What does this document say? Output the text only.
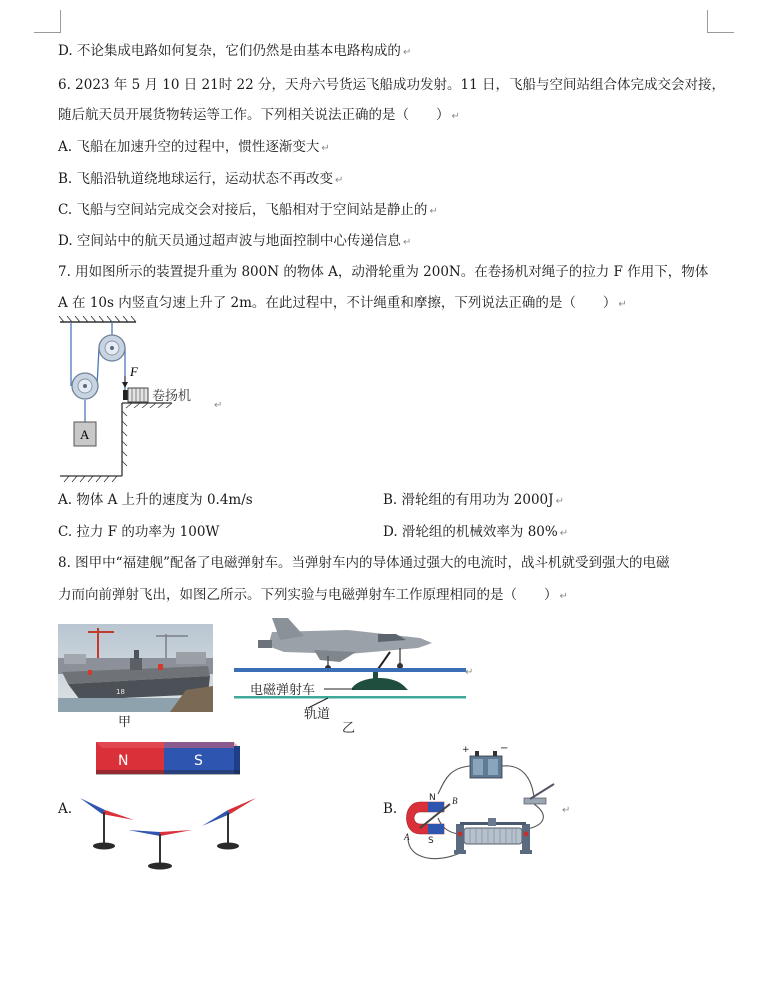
D. 不论集成电路如何复杂，它们仍然是由基本电路构成的 ↵
6. 2023 年 5 月 10 日 21时 22 分，天舟六号货运飞船成功发射。11 日，飞船与空间站组合体完成交会对接，
随后航天员开展货物转运等工作。下列相关说法正确的是（　　） ↵
A. 飞船在加速升空的过程中，惯性逐渐变大 ↵
B. 飞船沿轨道绕地球运行，运动状态不再改变 ↵
C. 飞船与空间站完成交会对接后，飞船相对于空间站是静止的 ↵
D. 空间站中的航天员通过超声波与地面控制中心传递信息 ↵
7. 用如图所示的装置提升重为 800N 的物体 A，动滑轮重为 200N。在卷扬机对绳子的拉力 F 作用下，物体
A 在 10s 内竖直匀速上升了 2m。在此过程中，不计绳重和摩擦，下列说法正确的是（　　） ↵
F
A
卷扬机
↵
A. 物体 A 上升的速度为 0.4m/s	B. 滑轮组的有用功为 2000J ↵
C. 拉力 F 的功率为 100W	D. 滑轮组的机械效率为 80% ↵
8. 图甲中“福建舰”配备了电磁弹射车。当弹射车内的导体通过强大的电流时，战斗机就受到强大的电磁
力而向前弹射飞出，如图乙所示。下列实验与电磁弹射车工作原理相同的是（　　） ↵
18
甲
电磁弹射车
轨道
乙
↵
A.
N	S
B.
+	−
N
S
B
A
↵
